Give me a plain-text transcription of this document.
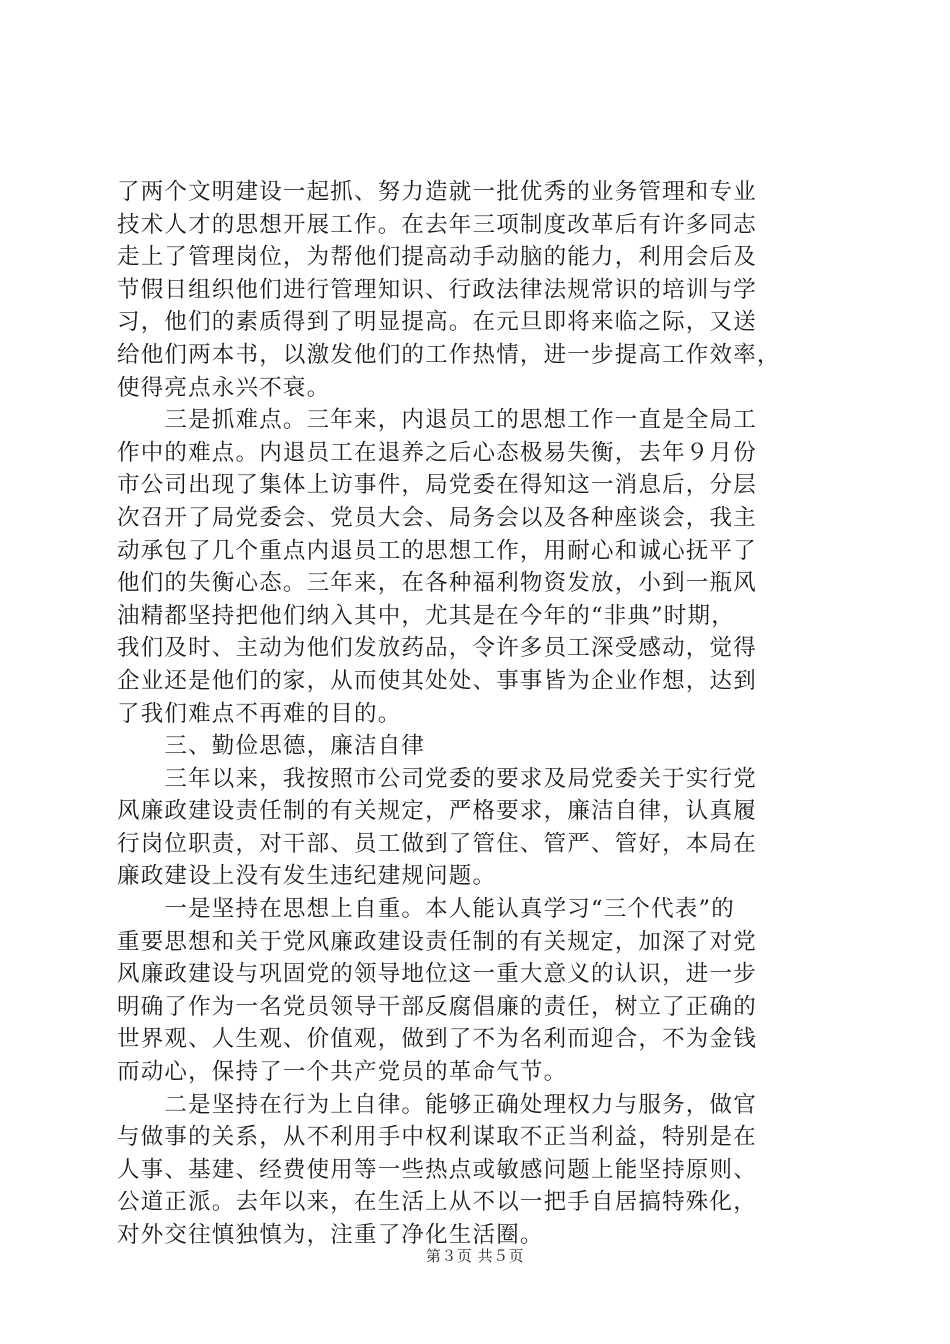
了两个文明建设一起抓、努力造就一批优秀的业务管理和专业
技术人才的思想开展工作。在去年三项制度改革后有许多同志
走上了管理岗位，为帮他们提高动手动脑的能力，利用会后及
节假日组织他们进行管理知识、行政法律法规常识的培训与学
习，他们的素质得到了明显提高。在元旦即将来临之际，又送
给他们两本书，以激发他们的工作热情，进一步提高工作效率，
使得亮点永兴不衰。
　　三是抓难点。三年来，内退员工的思想工作一直是全局工
作中的难点。内退员工在退养之后心态极易失衡，去年９月份
市公司出现了集体上访事件，局党委在得知这一消息后，分层
次召开了局党委会、党员大会、局务会以及各种座谈会，我主
动承包了几个重点内退员工的思想工作，用耐心和诚心抚平了
他们的失衡心态。三年来，在各种福利物资发放，小到一瓶风
油精都坚持把他们纳入其中，尤其是在今年的“非典”时期，
我们及时、主动为他们发放药品，令许多员工深受感动，觉得
企业还是他们的家，从而使其处处、事事皆为企业作想，达到
了我们难点不再难的目的。
　　三、勤俭思德，廉洁自律
　　三年以来，我按照市公司党委的要求及局党委关于实行党
风廉政建设责任制的有关规定，严格要求，廉洁自律，认真履
行岗位职责，对干部、员工做到了管住、管严、管好，本局在
廉政建设上没有发生违纪建规问题。
　　一是坚持在思想上自重。本人能认真学习“三个代表”的
重要思想和关于党风廉政建设责任制的有关规定，加深了对党
风廉政建设与巩固党的领导地位这一重大意义的认识，进一步
明确了作为一名党员领导干部反腐倡廉的责任，树立了正确的
世界观、人生观、价值观，做到了不为名利而迎合，不为金钱
而动心，保持了一个共产党员的革命气节。
　　二是坚持在行为上自律。能够正确处理权力与服务，做官
与做事的关系，从不利用手中权利谋取不正当利益，特别是在
人事、基建、经费使用等一些热点或敏感问题上能坚持原则、
公道正派。去年以来，在生活上从不以一把手自居搞特殊化，
对外交往慎独慎为，注重了净化生活圈。
第３页 共５页
